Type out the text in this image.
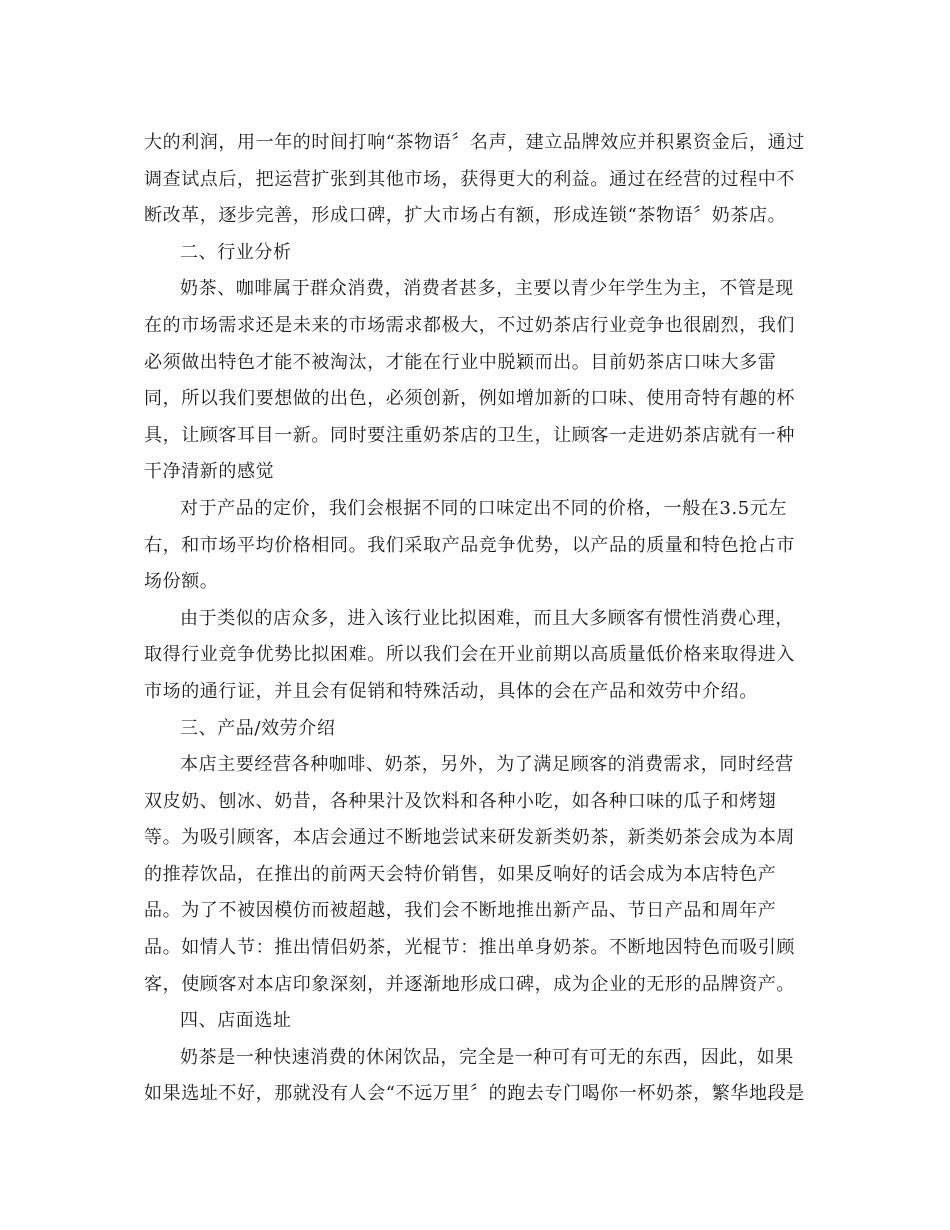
大的利润，用一年的时间打响“茶物语〞名声，建立品牌效应并积累资金后，通过
调查试点后，把运营扩张到其他市场，获得更大的利益。通过在经营的过程中不
断改革，逐步完善，形成口碑，扩大市场占有额，形成连锁“茶物语〞奶茶店。
二、行业分析
奶茶、咖啡属于群众消费，消费者甚多，主要以青少年学生为主，不管是现
在的市场需求还是未来的市场需求都极大，不过奶茶店行业竞争也很剧烈，我们
必须做出特色才能不被淘汰，才能在行业中脱颖而出。目前奶茶店口味大多雷
同，所以我们要想做的出色，必须创新，例如增加新的口味、使用奇特有趣的杯
具，让顾客耳目一新。同时要注重奶茶店的卫生，让顾客一走进奶茶店就有一种
干净清新的感觉
对于产品的定价，我们会根据不同的口味定出不同的价格，一般在3.5元左
右，和市场平均价格相同。我们采取产品竞争优势，以产品的质量和特色抢占市
场份额。
由于类似的店众多，进入该行业比拟困难，而且大多顾客有惯性消费心理，
取得行业竞争优势比拟困难。所以我们会在开业前期以高质量低价格来取得进入
市场的通行证，并且会有促销和特殊活动，具体的会在产品和效劳中介绍。
三、产品/效劳介绍
本店主要经营各种咖啡、奶茶，另外，为了满足顾客的消费需求，同时经营
双皮奶、刨冰、奶昔，各种果汁及饮料和各种小吃，如各种口味的瓜子和烤翅
等。为吸引顾客，本店会通过不断地尝试来研发新类奶茶，新类奶茶会成为本周
的推荐饮品，在推出的前两天会特价销售，如果反响好的话会成为本店特色产
品。为了不被因模仿而被超越，我们会不断地推出新产品、节日产品和周年产
品。如情人节：推出情侣奶茶，光棍节：推出单身奶茶。不断地因特色而吸引顾
客，使顾客对本店印象深刻，并逐渐地形成口碑，成为企业的无形的品牌资产。
四、店面选址
奶茶是一种快速消费的休闲饮品，完全是一种可有可无的东西，因此，如果
如果选址不好，那就没有人会“不远万里〞的跑去专门喝你一杯奶茶，繁华地段是
